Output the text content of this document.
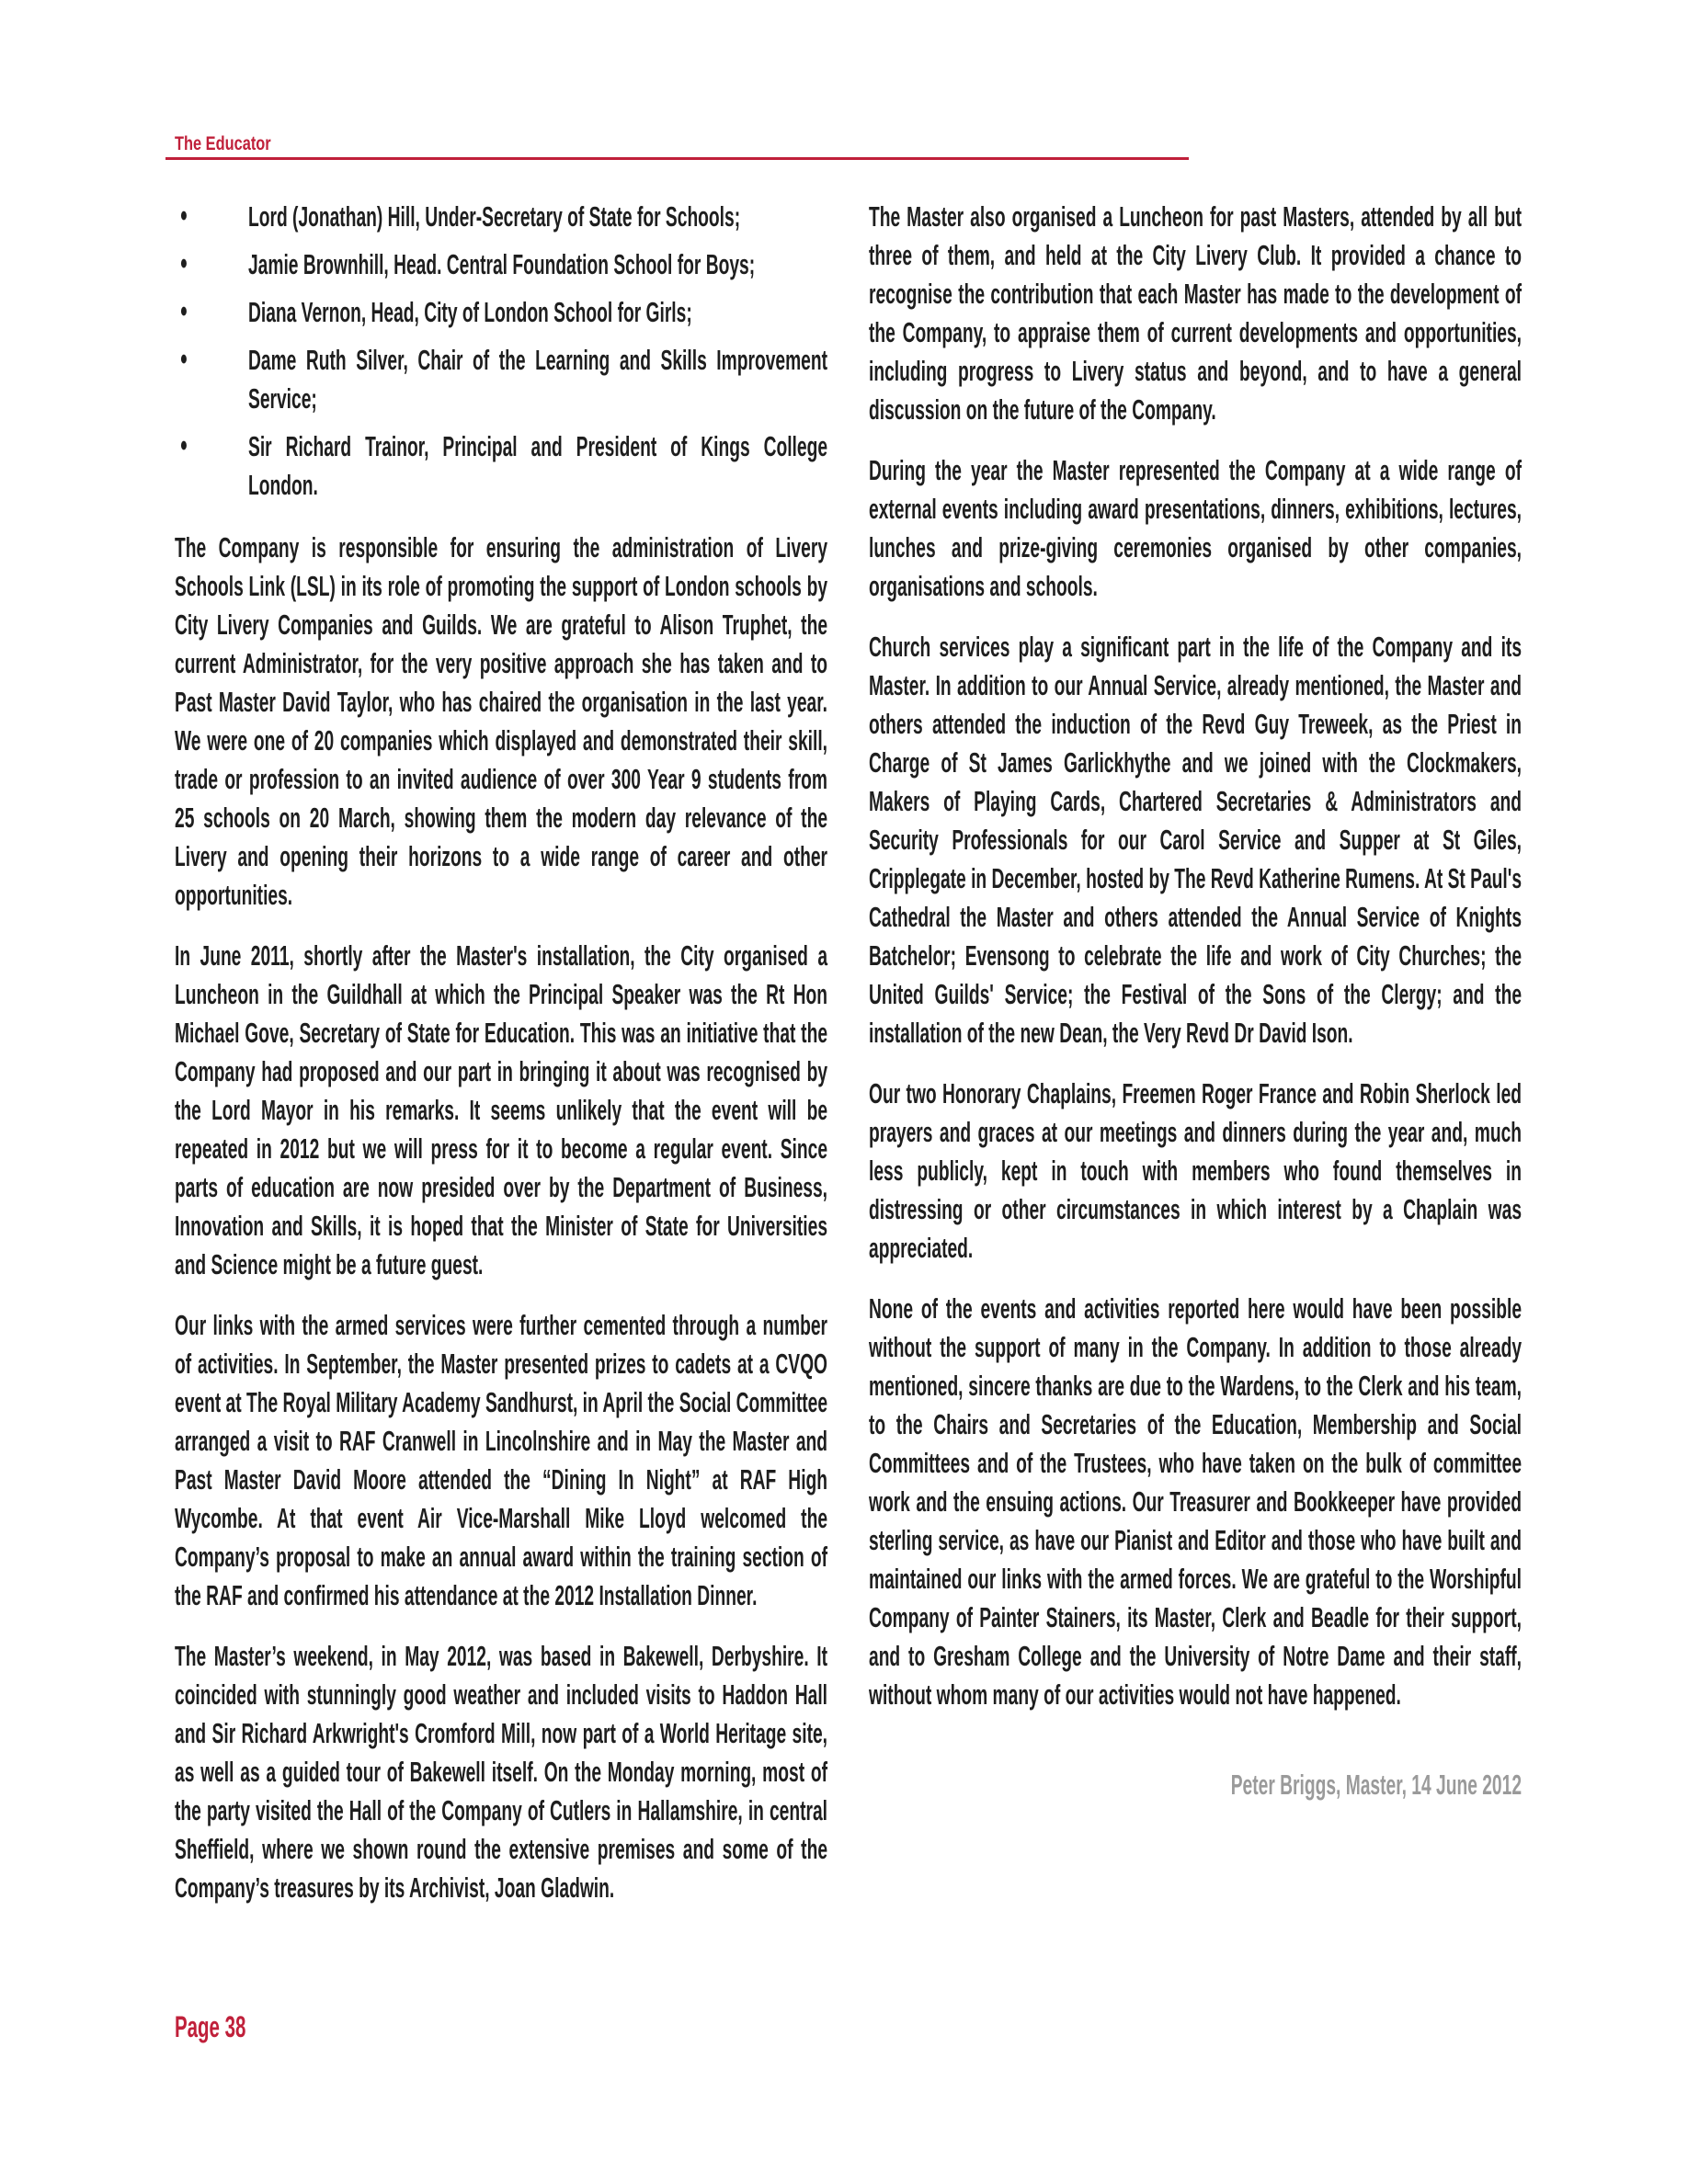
The Educator
• Lord (Jonathan) Hill, Under-Secretary of State for Schools;
• Jamie Brownhill, Head. Central Foundation School for Boys;
• Diana Vernon, Head, City of London School for Girls;
• Dame Ruth Silver, Chair of the Learning and Skills Improvement Service;
• Sir Richard Trainor, Principal and President of Kings College London.

The Company is responsible for ensuring the administration of Livery Schools Link (LSL) in its role of promoting the support of London schools by City Livery Companies and Guilds. We are grateful to Alison Truphet, the current Administrator, for the very positive approach she has taken and to Past Master David Taylor, who has chaired the organisation in the last year. We were one of 20 companies which displayed and demonstrated their skill, trade or profession to an invited audience of over 300 Year 9 students from 25 schools on 20 March, showing them the modern day relevance of the Livery and opening their horizons to a wide range of career and other opportunities.

In June 2011, shortly after the Master's installation, the City organised a Luncheon in the Guildhall at which the Principal Speaker was the Rt Hon Michael Gove, Secretary of State for Education. This was an initiative that the Company had proposed and our part in bringing it about was recognised by the Lord Mayor in his remarks. It seems unlikely that the event will be repeated in 2012 but we will press for it to become a regular event. Since parts of education are now presided over by the Department of Business, Innovation and Skills, it is hoped that the Minister of State for Universities and Science might be a future guest.

Our links with the armed services were further cemented through a number of activities. In September, the Master presented prizes to cadets at a CVQO event at The Royal Military Academy Sandhurst, in April the Social Committee arranged a visit to RAF Cranwell in Lincolnshire and in May the Master and Past Master David Moore attended the “Dining In Night” at RAF High Wycombe. At that event Air Vice-Marshall Mike Lloyd welcomed the Company’s proposal to make an annual award within the training section of the RAF and confirmed his attendance at the 2012 Installation Dinner.

The Master’s weekend, in May 2012, was based in Bakewell, Derbyshire. It coincided with stunningly good weather and included visits to Haddon Hall and Sir Richard Arkwright's Cromford Mill, now part of a World Heritage site, as well as a guided tour of Bakewell itself. On the Monday morning, most of the party visited the Hall of the Company of Cutlers in Hallamshire, in central Sheffield, where we shown round the extensive premises and some of the Company’s treasures by its Archivist, Joan Gladwin.

The Master also organised a Luncheon for past Masters, attended by all but three of them, and held at the City Livery Club. It provided a chance to recognise the contribution that each Master has made to the development of the Company, to appraise them of current developments and opportunities, including progress to Livery status and beyond, and to have a general discussion on the future of the Company.

During the year the Master represented the Company at a wide range of external events including award presentations, dinners, exhibitions, lectures, lunches and prize-giving ceremonies organised by other companies, organisations and schools.

Church services play a significant part in the life of the Company and its Master. In addition to our Annual Service, already mentioned, the Master and others attended the induction of the Revd Guy Treweek, as the Priest in Charge of St James Garlickhythe and we joined with the Clockmakers, Makers of Playing Cards, Chartered Secretaries & Administrators and Security Professionals for our Carol Service and Supper at St Giles, Cripplegate in December, hosted by The Revd Katherine Rumens. At St Paul's Cathedral the Master and others attended the Annual Service of Knights Batchelor; Evensong to celebrate the life and work of City Churches; the United Guilds' Service; the Festival of the Sons of the Clergy; and the installation of the new Dean, the Very Revd Dr David Ison.

Our two Honorary Chaplains, Freemen Roger France and Robin Sherlock led prayers and graces at our meetings and dinners during the year and, much less publicly, kept in touch with members who found themselves in distressing or other circumstances in which interest by a Chaplain was appreciated.

None of the events and activities reported here would have been possible without the support of many in the Company. In addition to those already mentioned, sincere thanks are due to the Wardens, to the Clerk and his team, to the Chairs and Secretaries of the Education, Membership and Social Committees and of the Trustees, who have taken on the bulk of committee work and the ensuing actions. Our Treasurer and Bookkeeper have provided sterling service, as have our Pianist and Editor and those who have built and maintained our links with the armed forces. We are grateful to the Worshipful Company of Painter Stainers, its Master, Clerk and Beadle for their support, and to Gresham College and the University of Notre Dame and their staff, without whom many of our activities would not have happened.

Peter Briggs, Master, 14 June 2012
Page 38
